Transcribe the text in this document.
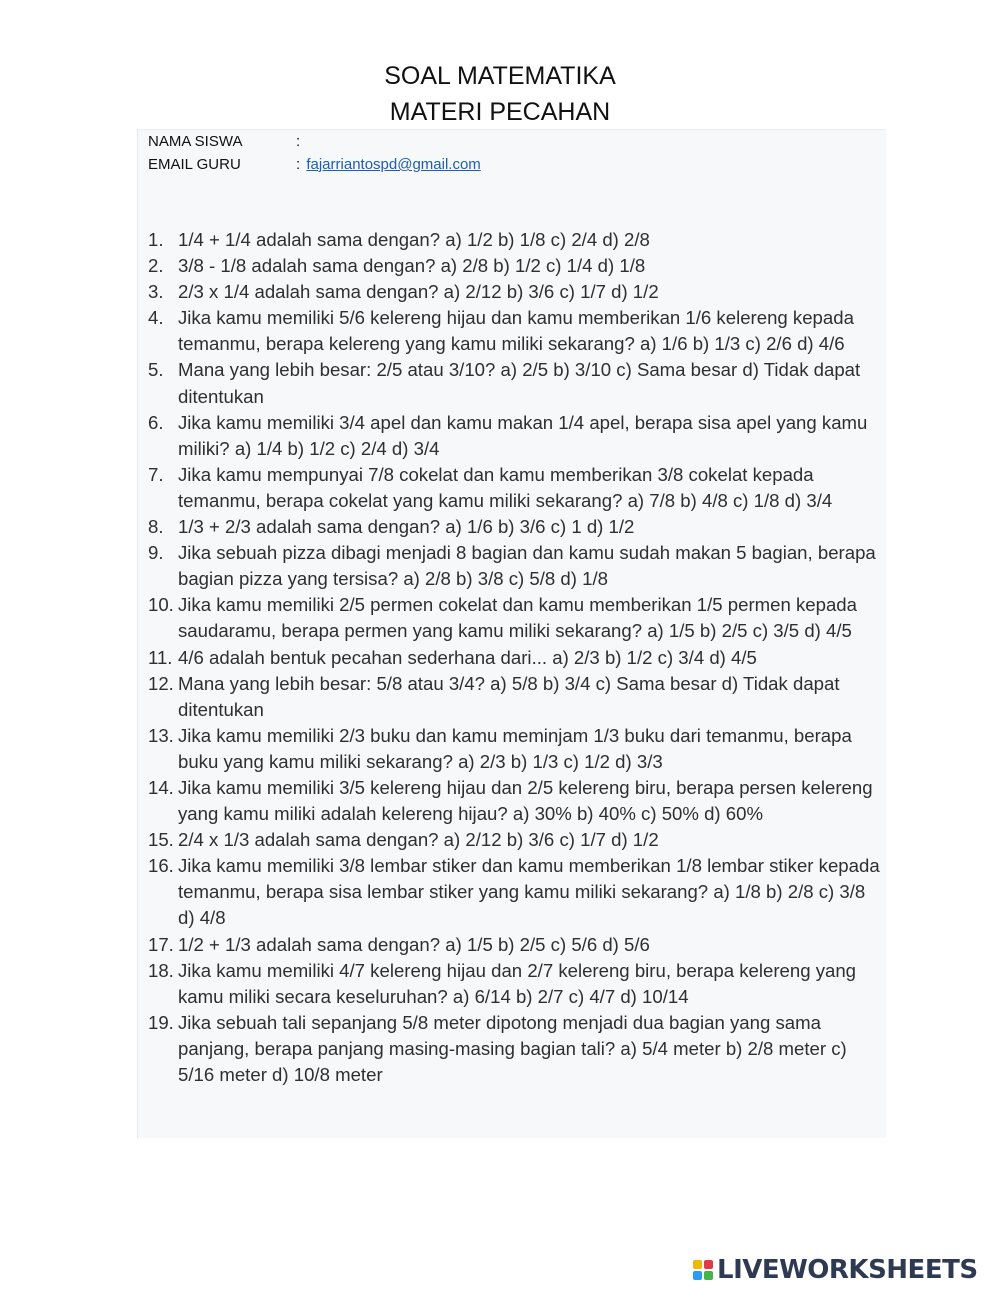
SOAL MATEMATIKA
MATERI PECAHAN
NAMA SISWA	:
EMAIL GURU	: fajarriantospd@gmail.com
1. 1/4 + 1/4 adalah sama dengan? a) 1/2 b) 1/8 c) 2/4 d) 2/8
2. 3/8 - 1/8 adalah sama dengan? a) 2/8 b) 1/2 c) 1/4 d) 1/8
3. 2/3 x 1/4 adalah sama dengan? a) 2/12 b) 3/6 c) 1/7 d) 1/2
4. Jika kamu memiliki 5/6 kelereng hijau dan kamu memberikan 1/6 kelereng kepada temanmu, berapa kelereng yang kamu miliki sekarang? a) 1/6 b) 1/3 c) 2/6 d) 4/6
5. Mana yang lebih besar: 2/5 atau 3/10? a) 2/5 b) 3/10 c) Sama besar d) Tidak dapat ditentukan
6. Jika kamu memiliki 3/4 apel dan kamu makan 1/4 apel, berapa sisa apel yang kamu miliki? a) 1/4 b) 1/2 c) 2/4 d) 3/4
7. Jika kamu mempunyai 7/8 cokelat dan kamu memberikan 3/8 cokelat kepada temanmu, berapa cokelat yang kamu miliki sekarang? a) 7/8 b) 4/8 c) 1/8 d) 3/4
8. 1/3 + 2/3 adalah sama dengan? a) 1/6 b) 3/6 c) 1 d) 1/2
9. Jika sebuah pizza dibagi menjadi 8 bagian dan kamu sudah makan 5 bagian, berapa bagian pizza yang tersisa? a) 2/8 b) 3/8 c) 5/8 d) 1/8
10. Jika kamu memiliki 2/5 permen cokelat dan kamu memberikan 1/5 permen kepada saudaramu, berapa permen yang kamu miliki sekarang? a) 1/5 b) 2/5 c) 3/5 d) 4/5
11. 4/6 adalah bentuk pecahan sederhana dari... a) 2/3 b) 1/2 c) 3/4 d) 4/5
12. Mana yang lebih besar: 5/8 atau 3/4? a) 5/8 b) 3/4 c) Sama besar d) Tidak dapat ditentukan
13. Jika kamu memiliki 2/3 buku dan kamu meminjam 1/3 buku dari temanmu, berapa buku yang kamu miliki sekarang? a) 2/3 b) 1/3 c) 1/2 d) 3/3
14. Jika kamu memiliki 3/5 kelereng hijau dan 2/5 kelereng biru, berapa persen kelereng yang kamu miliki adalah kelereng hijau? a) 30% b) 40% c) 50% d) 60%
15. 2/4 x 1/3 adalah sama dengan? a) 2/12 b) 3/6 c) 1/7 d) 1/2
16. Jika kamu memiliki 3/8 lembar stiker dan kamu memberikan 1/8 lembar stiker kepada temanmu, berapa sisa lembar stiker yang kamu miliki sekarang? a) 1/8 b) 2/8 c) 3/8 d) 4/8
17. 1/2 + 1/3 adalah sama dengan? a) 1/5 b) 2/5 c) 5/6 d) 5/6
18. Jika kamu memiliki 4/7 kelereng hijau dan 2/7 kelereng biru, berapa kelereng yang kamu miliki secara keseluruhan? a) 6/14 b) 2/7 c) 4/7 d) 10/14
19. Jika sebuah tali sepanjang 5/8 meter dipotong menjadi dua bagian yang sama panjang, berapa panjang masing-masing bagian tali? a) 5/4 meter b) 2/8 meter c) 5/16 meter d) 10/8 meter
LIVEWORKSHEETS
